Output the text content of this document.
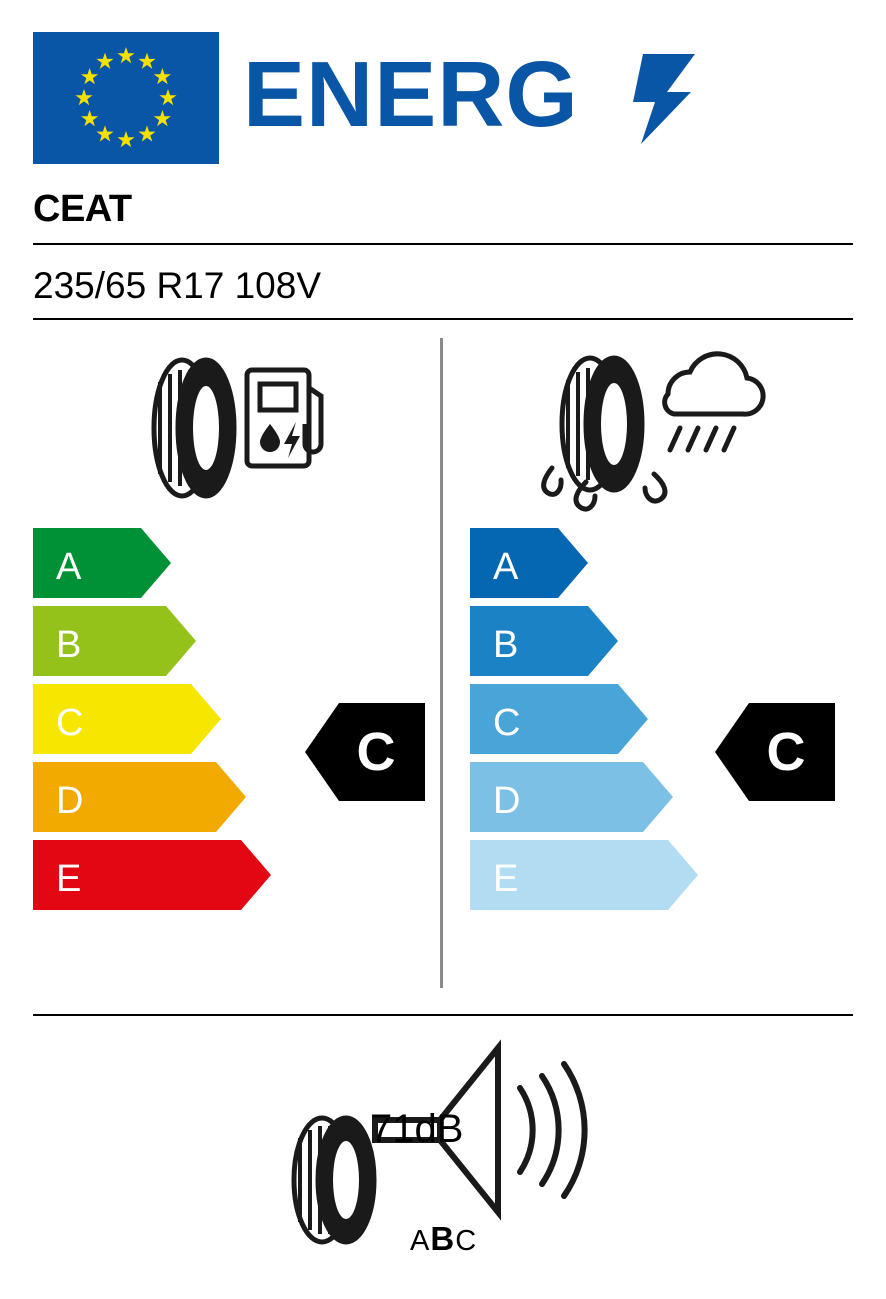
ENERG
CEAT
235/65 R17 108V
A
B
C
D
E
A
B
C
D
E
C	C
71dB
ABC
